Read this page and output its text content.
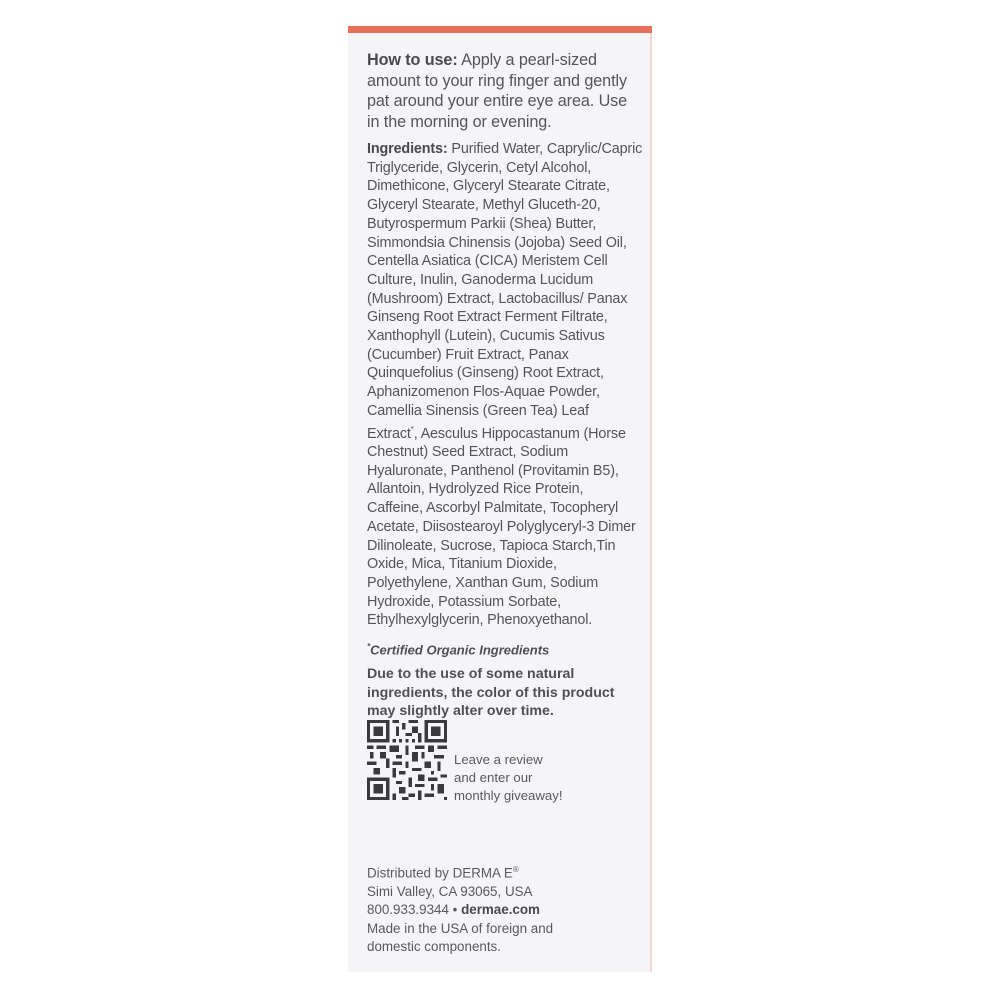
How to use: Apply a pearl-sized amount to your ring finger and gently pat around your entire eye area. Use in the morning or evening.

Ingredients: Purified Water, Caprylic/Capric Triglyceride, Glycerin, Cetyl Alcohol, Dimethicone, Glyceryl Stearate Citrate, Glyceryl Stearate, Methyl Gluceth-20, Butyrospermum Parkii (Shea) Butter, Simmondsia Chinensis (Jojoba) Seed Oil, Centella Asiatica (CICA) Meristem Cell Culture, Inulin, Ganoderma Lucidum (Mushroom) Extract, Lactobacillus/ Panax Ginseng Root Extract Ferment Filtrate, Xanthophyll (Lutein), Cucumis Sativus (Cucumber) Fruit Extract, Panax Quinquefolius (Ginseng) Root Extract, Aphanizomenon Flos-Aquae Powder, Camellia Sinensis (Green Tea) Leaf Extract*, Aesculus Hippocastanum (Horse Chestnut) Seed Extract, Sodium Hyaluronate, Panthenol (Provitamin B5), Allantoin, Hydrolyzed Rice Protein, Caffeine, Ascorbyl Palmitate, Tocopheryl Acetate, Diisostearoyl Polyglyceryl-3 Dimer Dilinoleate, Sucrose, Tapioca Starch,Tin Oxide, Mica, Titanium Dioxide, Polyethylene, Xanthan Gum, Sodium Hydroxide, Potassium Sorbate, Ethylhexylglycerin, Phenoxyethanol.

*Certified Organic Ingredients

Due to the use of some natural ingredients, the color of this product may slightly alter over time.

Leave a review
and enter our
monthly giveaway!

Distributed by DERMA E®

Simi Valley, CA 93065, USA

800.933.9344 • dermae.com

Made in the USA of foreign and

domestic components.
